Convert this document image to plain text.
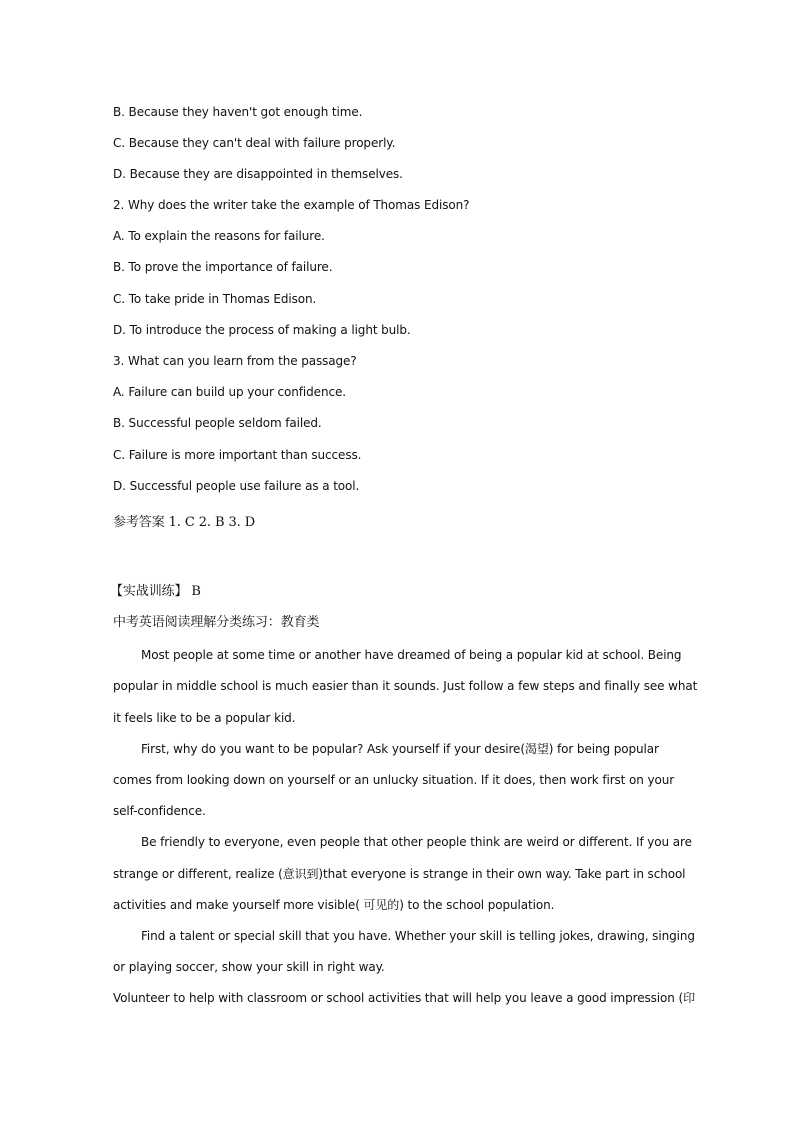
B. Because they haven't got enough time.
C. Because they can't deal with failure properly.
D. Because they are disappointed in themselves.
2. Why does the writer take the example of Thomas Edison?
A. To explain the reasons for failure.
B. To prove the importance of failure.
C. To take pride in Thomas Edison.
D. To introduce the process of making a light bulb.
3. What can you learn from the passage?
A. Failure can build up your confidence.
B. Successful people seldom failed.
C. Failure is more important than success.
D. Successful people use failure as a tool.
参考答案 1. C 2. B 3. D
【实战训练】 B
中考英语阅读理解分类练习：教育类
Most people at some time or another have dreamed of being a popular kid at school. Being
popular in middle school is much easier than it sounds. Just follow a few steps and finally see what
it feels like to be a popular kid.
First, why do you want to be popular? Ask yourself if your desire(渴望) for being popular
comes from looking down on yourself or an unlucky situation. If it does, then work first on your
self-confidence.
Be friendly to everyone, even people that other people think are weird or different. If you are
strange or different, realize (意识到)that everyone is strange in their own way. Take part in school
activities and make yourself more visible( 可见的) to the school population.
Find a talent or special skill that you have. Whether your skill is telling jokes, drawing, singing
or playing soccer, show your skill in right way.
Volunteer to help with classroom or school activities that will help you leave a good impression (印
